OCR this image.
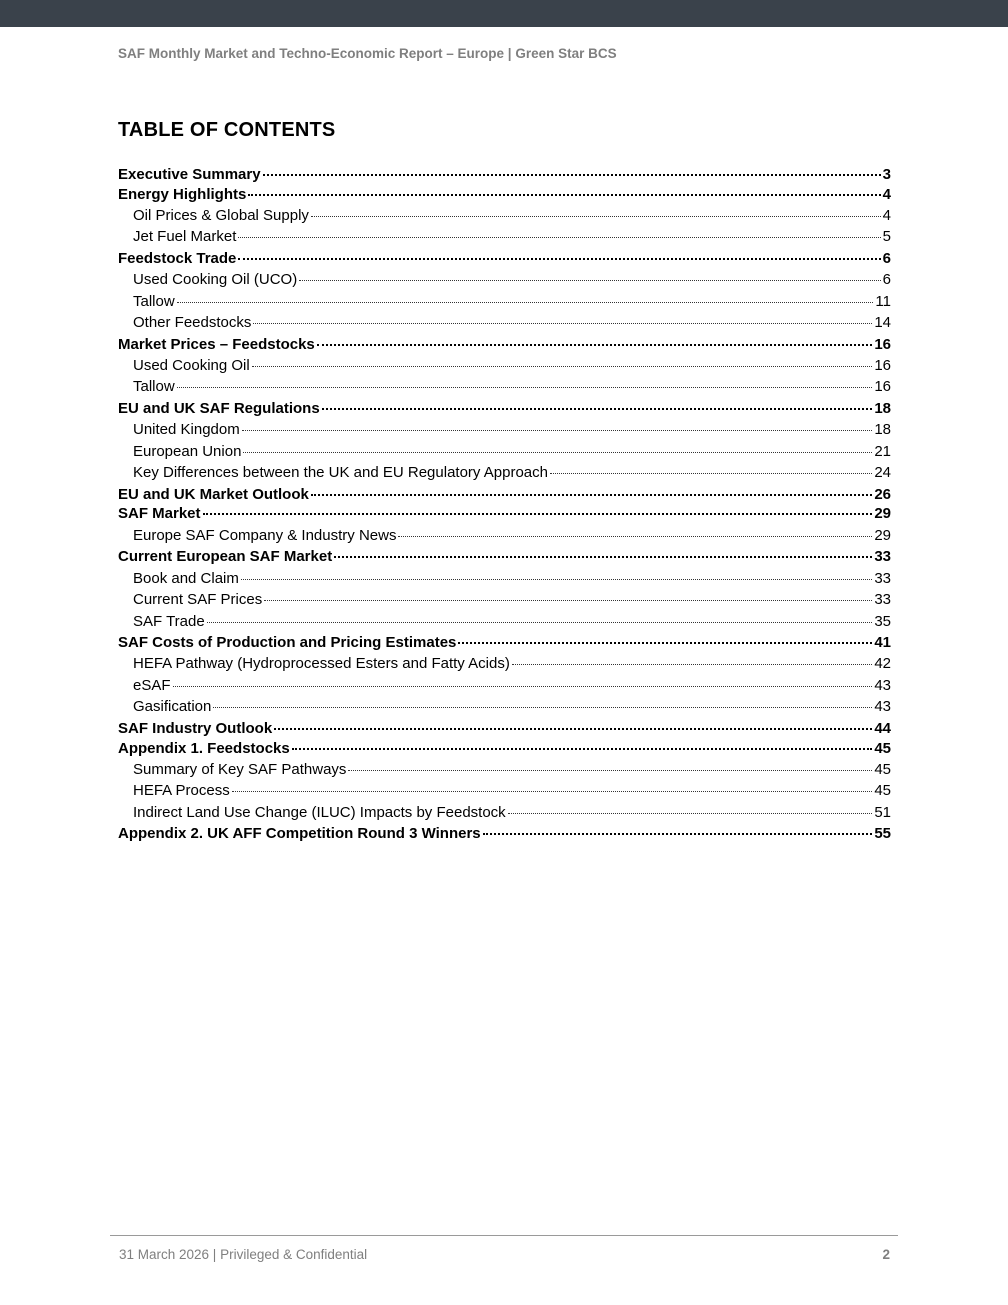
SAF Monthly Market and Techno-Economic Report – Europe | Green Star BCS
TABLE OF CONTENTS
Executive Summary	3
Energy Highlights	4
Oil Prices & Global Supply	4
Jet Fuel Market	5
Feedstock Trade	6
Used Cooking Oil (UCO)	6
Tallow	11
Other Feedstocks	14
Market Prices – Feedstocks	16
Used Cooking Oil	16
Tallow	16
EU and UK SAF Regulations	18
United Kingdom	18
European Union	21
Key Differences between the UK and EU Regulatory Approach	24
EU and UK Market Outlook	26
SAF Market	29
Europe SAF Company & Industry News	29
Current European SAF Market	33
Book and Claim	33
Current SAF Prices	33
SAF Trade	35
SAF Costs of Production and Pricing Estimates	41
HEFA Pathway (Hydroprocessed Esters and Fatty Acids)	42
eSAF	43
Gasification	43
SAF Industry Outlook	44
Appendix 1. Feedstocks	45
Summary of Key SAF Pathways	45
HEFA Process	45
Indirect Land Use Change (ILUC) Impacts by Feedstock	51
Appendix 2. UK AFF Competition Round 3 Winners	55
31 March 2026 | Privileged & Confidential	2
